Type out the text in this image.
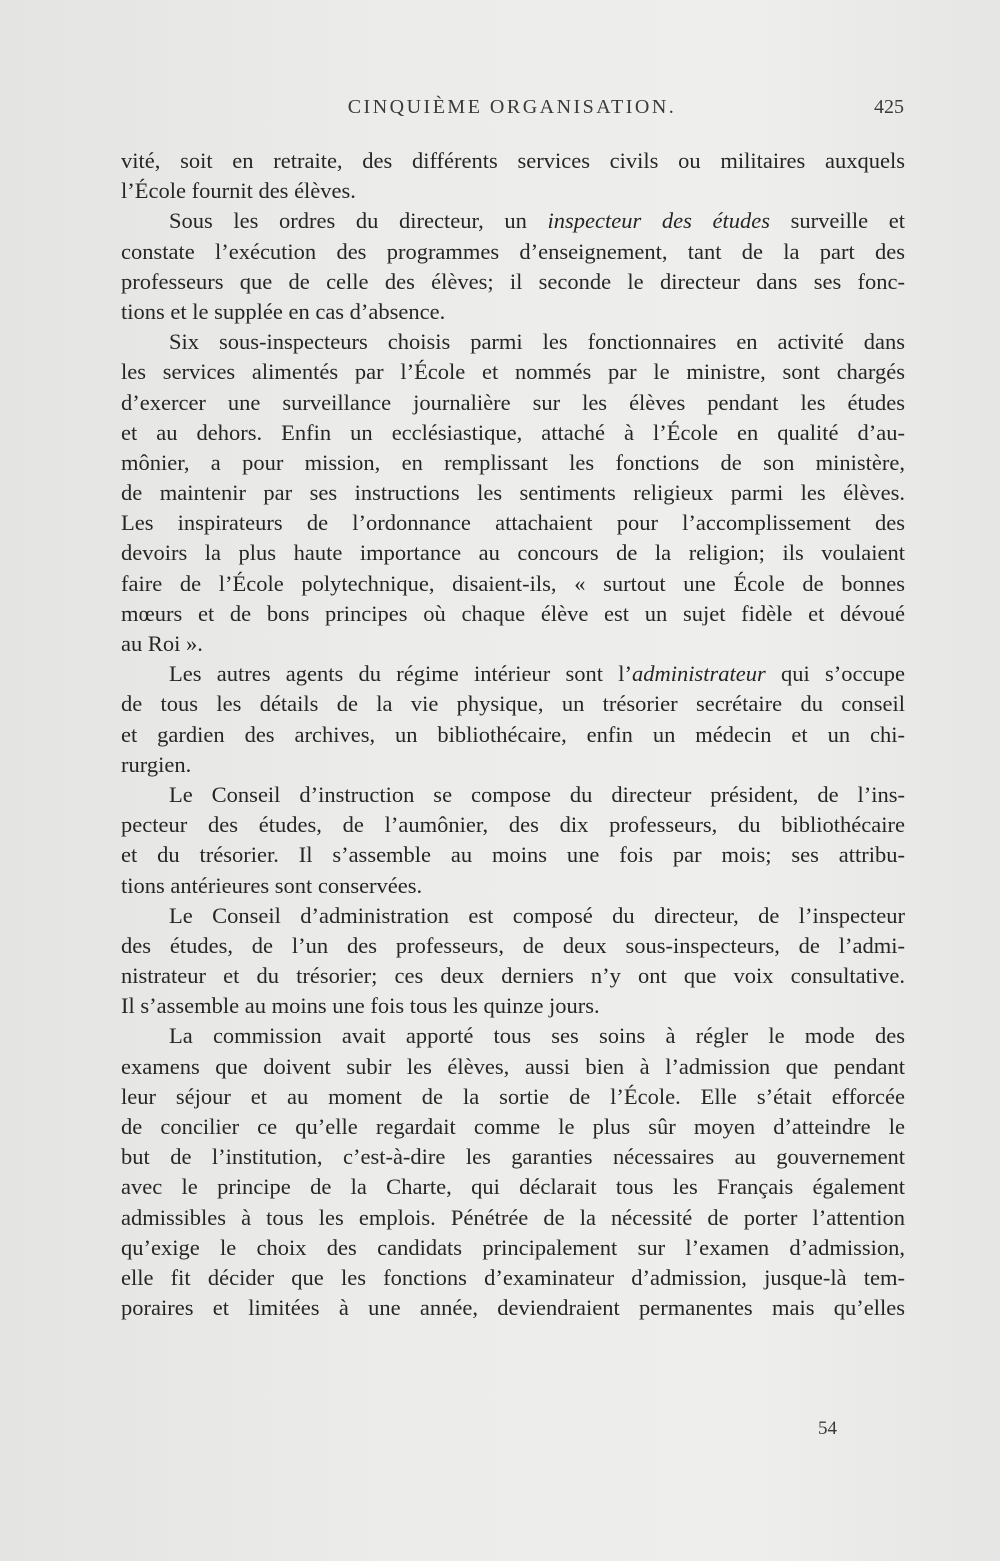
CINQUIÈME ORGANISATION.	425
vité, soit en retraite, des différents services civils ou militaires auxquels
l’École fournit des élèves.
Sous les ordres du directeur, un inspecteur des études surveille et
constate l’exécution des programmes d’enseignement, tant de la part des
professeurs que de celle des élèves; il seconde le directeur dans ses fonc-
tions et le supplée en cas d’absence.
Six sous-inspecteurs choisis parmi les fonctionnaires en activité dans
les services alimentés par l’École et nommés par le ministre, sont chargés
d’exercer une surveillance journalière sur les élèves pendant les études
et au dehors. Enfin un ecclésiastique, attaché à l’École en qualité d’au-
mônier, a pour mission, en remplissant les fonctions de son ministère,
de maintenir par ses instructions les sentiments religieux parmi les élèves.
Les inspirateurs de l’ordonnance attachaient pour l’accomplissement des
devoirs la plus haute importance au concours de la religion; ils voulaient
faire de l’École polytechnique, disaient-ils, « surtout une École de bonnes
mœurs et de bons principes où chaque élève est un sujet fidèle et dévoué
au Roi ».
Les autres agents du régime intérieur sont l’administrateur qui s’occupe
de tous les détails de la vie physique, un trésorier secrétaire du conseil
et gardien des archives, un bibliothécaire, enfin un médecin et un chi-
rurgien.
Le Conseil d’instruction se compose du directeur président, de l’ins-
pecteur des études, de l’aumônier, des dix professeurs, du bibliothécaire
et du trésorier. Il s’assemble au moins une fois par mois; ses attribu-
tions antérieures sont conservées.
Le Conseil d’administration est composé du directeur, de l’inspecteur
des études, de l’un des professeurs, de deux sous-inspecteurs, de l’admi-
nistrateur et du trésorier; ces deux derniers n’y ont que voix consultative.
Il s’assemble au moins une fois tous les quinze jours.
La commission avait apporté tous ses soins à régler le mode des
examens que doivent subir les élèves, aussi bien à l’admission que pendant
leur séjour et au moment de la sortie de l’École. Elle s’était efforcée
de concilier ce qu’elle regardait comme le plus sûr moyen d’atteindre le
but de l’institution, c’est-à-dire les garanties nécessaires au gouvernement
avec le principe de la Charte, qui déclarait tous les Français également
admissibles à tous les emplois. Pénétrée de la nécessité de porter l’attention
qu’exige le choix des candidats principalement sur l’examen d’admission,
elle fit décider que les fonctions d’examinateur d’admission, jusque-là tem-
poraires et limitées à une année, deviendraient permanentes mais qu’elles
54
